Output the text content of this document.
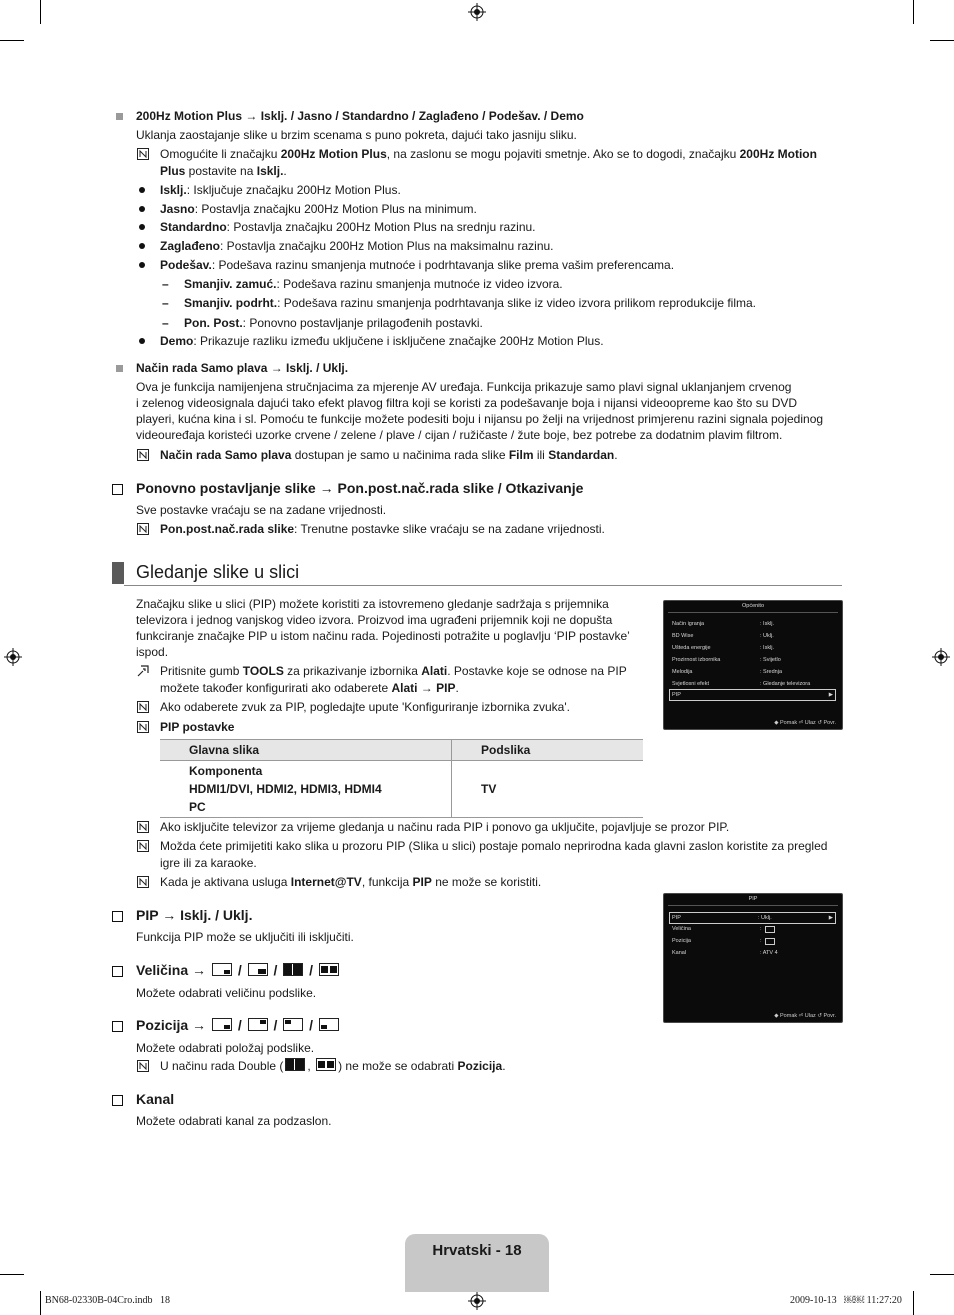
200Hz Motion Plus → Isklj. / Jasno / Standardno / Zaglađeno / Podešav. / Demo
Uklanja zaostajanje slike u brzim scenama s puno pokreta, dajući tako jasniju sliku.
Omogućite li značajku 200Hz Motion Plus, na zaslonu se mogu pojaviti smetnje. Ako se to dogodi, značajku 200Hz Motion
Plus postavite na Isklj..
Isklj.: Isključuje značajku 200Hz Motion Plus.
Jasno: Postavlja značajku 200Hz Motion Plus na minimum.
Standardno: Postavlja značajku 200Hz Motion Plus na srednju razinu.
Zaglađeno: Postavlja značajku 200Hz Motion Plus na maksimalnu razinu.
Podešav.: Podešava razinu smanjenja mutnoće i podrhtavanja slike prema vašim preferencama.
– Smanjiv. zamuć.: Podešava razinu smanjenja mutnoće iz video izvora.
– Smanjiv. podrht.: Podešava razinu smanjenja podrhtavanja slike iz video izvora prilikom reprodukcije filma.
– Pon. Post.: Ponovno postavljanje prilagođenih postavki.
Demo: Prikazuje razliku između uključene i isključene značajke 200Hz Motion Plus.
Način rada Samo plava → Isklj. / Uklj.
Ova je funkcija namijenjena stručnjacima za mjerenje AV uređaja. Funkcija prikazuje samo plavi signal uklanjanjem crvenog
i zelenog videosignala dajući tako efekt plavog filtra koji se koristi za podešavanje boja i nijansi videoopreme kao što su DVD
playeri, kućna kina i sl. Pomoću te funkcije možete podesiti boju i nijansu po želji na vrijednost primjerenu razini signala pojedinog
videouređaja koristeći uzorke crvene / zelene / plave / cijan / ružičaste / žute boje, bez potrebe za dodatnim plavim filtrom.
Način rada Samo plava dostupan je samo u načinima rada slike Film ili Standardan.
Ponovno postavljanje slike → Pon.post.nač.rada slike / Otkazivanje
Sve postavke vraćaju se na zadane vrijednosti.
Pon.post.nač.rada slike: Trenutne postavke slike vraćaju se na zadane vrijednosti.
Gledanje slike u slici
Značajku slike u slici (PIP) možete koristiti za istovremeno gledanje sadržaja s prijemnika
televizora i jednog vanjskog video izvora. Proizvod ima ugrađeni prijemnik koji ne dopušta
funkciranje značajke PIP u istom načinu rada. Pojedinosti potražite u poglavlju ‘PIP postavke’
ispod.
Pritisnite gumb TOOLS za prikazivanje izbornika Alati. Postavke koje se odnose na PIP
možete također konfigurirati ako odaberete Alati → PIP.
Ako odaberete zvuk za PIP, pogledajte upute 'Konfiguriranje izbornika zvuka'.
PIP postavke
Glavna slika	Podslika

Komponenta
HDMI1/DVI, HDMI2, HDMI3, HDMI4
PC	TV
Općenito
Način igranja	: Isklj.
BD Wise	: Uklj.
Ušteda energije	: Isklj.
Prozirnost izbornika	: Svijetlo
Melodija	: Srednja
Svjetlosni efekt	: Gledanje televizora
PIP	▶
◆ Pomak ⏎ Ulaz ↺ Povr.
Ako isključite televizor za vrijeme gledanja u načinu rada PIP i ponovo ga uključite, pojavljuje se prozor PIP.
Možda ćete primijetiti kako slika u prozoru PIP (Slika u slici) postaje pomalo neprirodna kada glavni zaslon koristite za pregled
igre ili za karaoke.
Kada je aktivana usluga Internet@TV, funkcija PIP ne može se koristiti.
PIP
PIP	: Uklj.	▶
Veličina	:
Pozicija	:
Kanal	: ATV 4
◆ Pomak ⏎ Ulaz ↺ Povr.
PIP → Isklj. / Uklj.
Funkcija PIP može se uključiti ili isključiti.
Veličina → / / /
Možete odabrati veličinu podslike.
Pozicija → / / /
Možete odabrati položaj podslike.
U načinu rada Double ( , ) ne može se odabrati Pozicija.
Kanal
Možete odabrati kanal za podzaslon.
Hrvatski - 18
BN68-02330B-04Cro.indb   18	2009-10-13   ￼￼ 11:27:20
